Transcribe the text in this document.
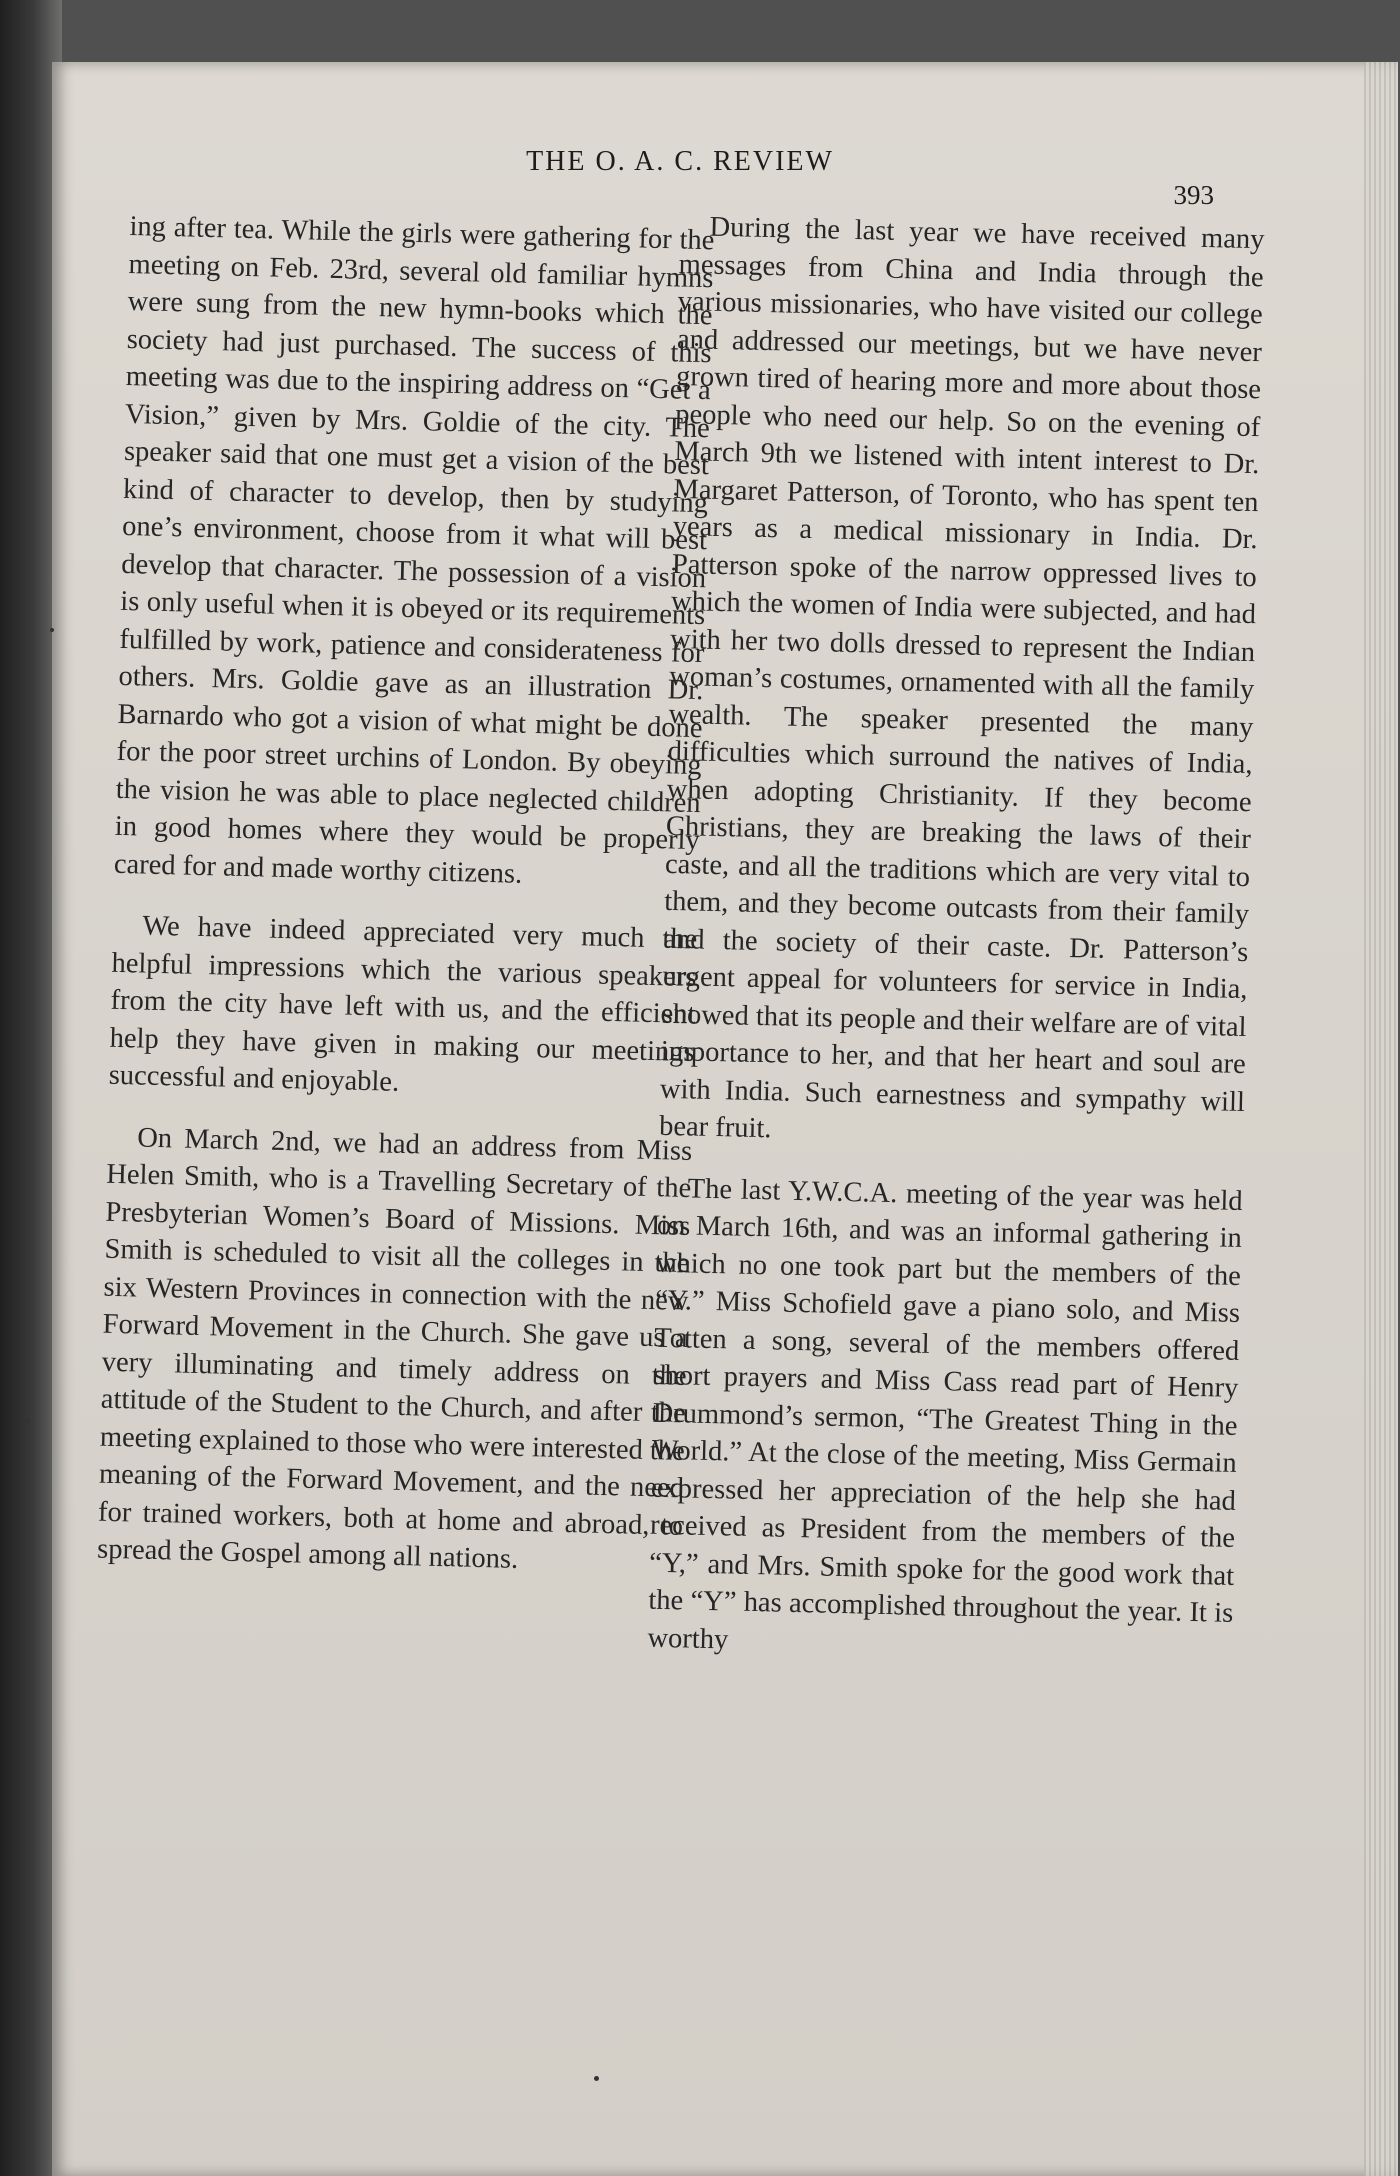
THE O. A. C. REVIEW
393

ing after tea. While the girls were gathering for the meeting on Feb. 23rd, several old familiar hymns were sung from the new hymn-books which the society had just purchased. The success of this meeting was due to the inspiring address on “Get a Vision,” given by Mrs. Goldie of the city. The speaker said that one must get a vision of the best kind of character to develop, then by studying one’s environment, choose from it what will best develop that character. The possession of a vision is only useful when it is obeyed or its requirements fulfilled by work, patience and considerateness for others. Mrs. Goldie gave as an illustration Dr. Barnardo who got a vision of what might be done for the poor street urchins of London. By obeying the vision he was able to place neglected children in good homes where they would be properly cared for and made worthy citizens.

We have indeed appreciated very much the helpful impressions which the various speakers from the city have left with us, and the efficient help they have given in making our meetings successful and enjoyable.

On March 2nd, we had an address from Miss Helen Smith, who is a Travelling Secretary of the Presbyterian Women’s Board of Missions. Miss Smith is scheduled to visit all the colleges in the six Western Provinces in connection with the new Forward Movement in the Church. She gave us a very illuminating and timely address on the attitude of the Student to the Church, and after the meeting explained to those who were interested the meaning of the Forward Movement, and the need for trained workers, both at home and abroad, to spread the Gospel among all nations.

During the last year we have received many messages from China and India through the various missionaries, who have visited our college and addressed our meetings, but we have never grown tired of hearing more and more about those people who need our help. So on the evening of March 9th we listened with intent interest to Dr. Margaret Patterson, of Toronto, who has spent ten years as a medical missionary in India. Dr. Patterson spoke of the narrow oppressed lives to which the women of India were subjected, and had with her two dolls dressed to represent the Indian woman’s costumes, ornamented with all the family wealth. The speaker presented the many difficulties which surround the natives of India, when adopting Christianity. If they become Christians, they are breaking the laws of their caste, and all the traditions which are very vital to them, and they become outcasts from their family and the society of their caste. Dr. Patterson’s urgent appeal for volunteers for service in India, showed that its people and their welfare are of vital importance to her, and that her heart and soul are with India. Such earnestness and sympathy will bear fruit.

The last Y.W.C.A. meeting of the year was held on March 16th, and was an informal gathering in which no one took part but the members of the “Y.” Miss Schofield gave a piano solo, and Miss Totten a song, several of the members offered short prayers and Miss Cass read part of Henry Drummond’s sermon, “The Greatest Thing in the World.” At the close of the meeting, Miss Germain expressed her appreciation of the help she had received as President from the members of the “Y,” and Mrs. Smith spoke for the good work that the “Y” has accomplished throughout the year. It is worthy
